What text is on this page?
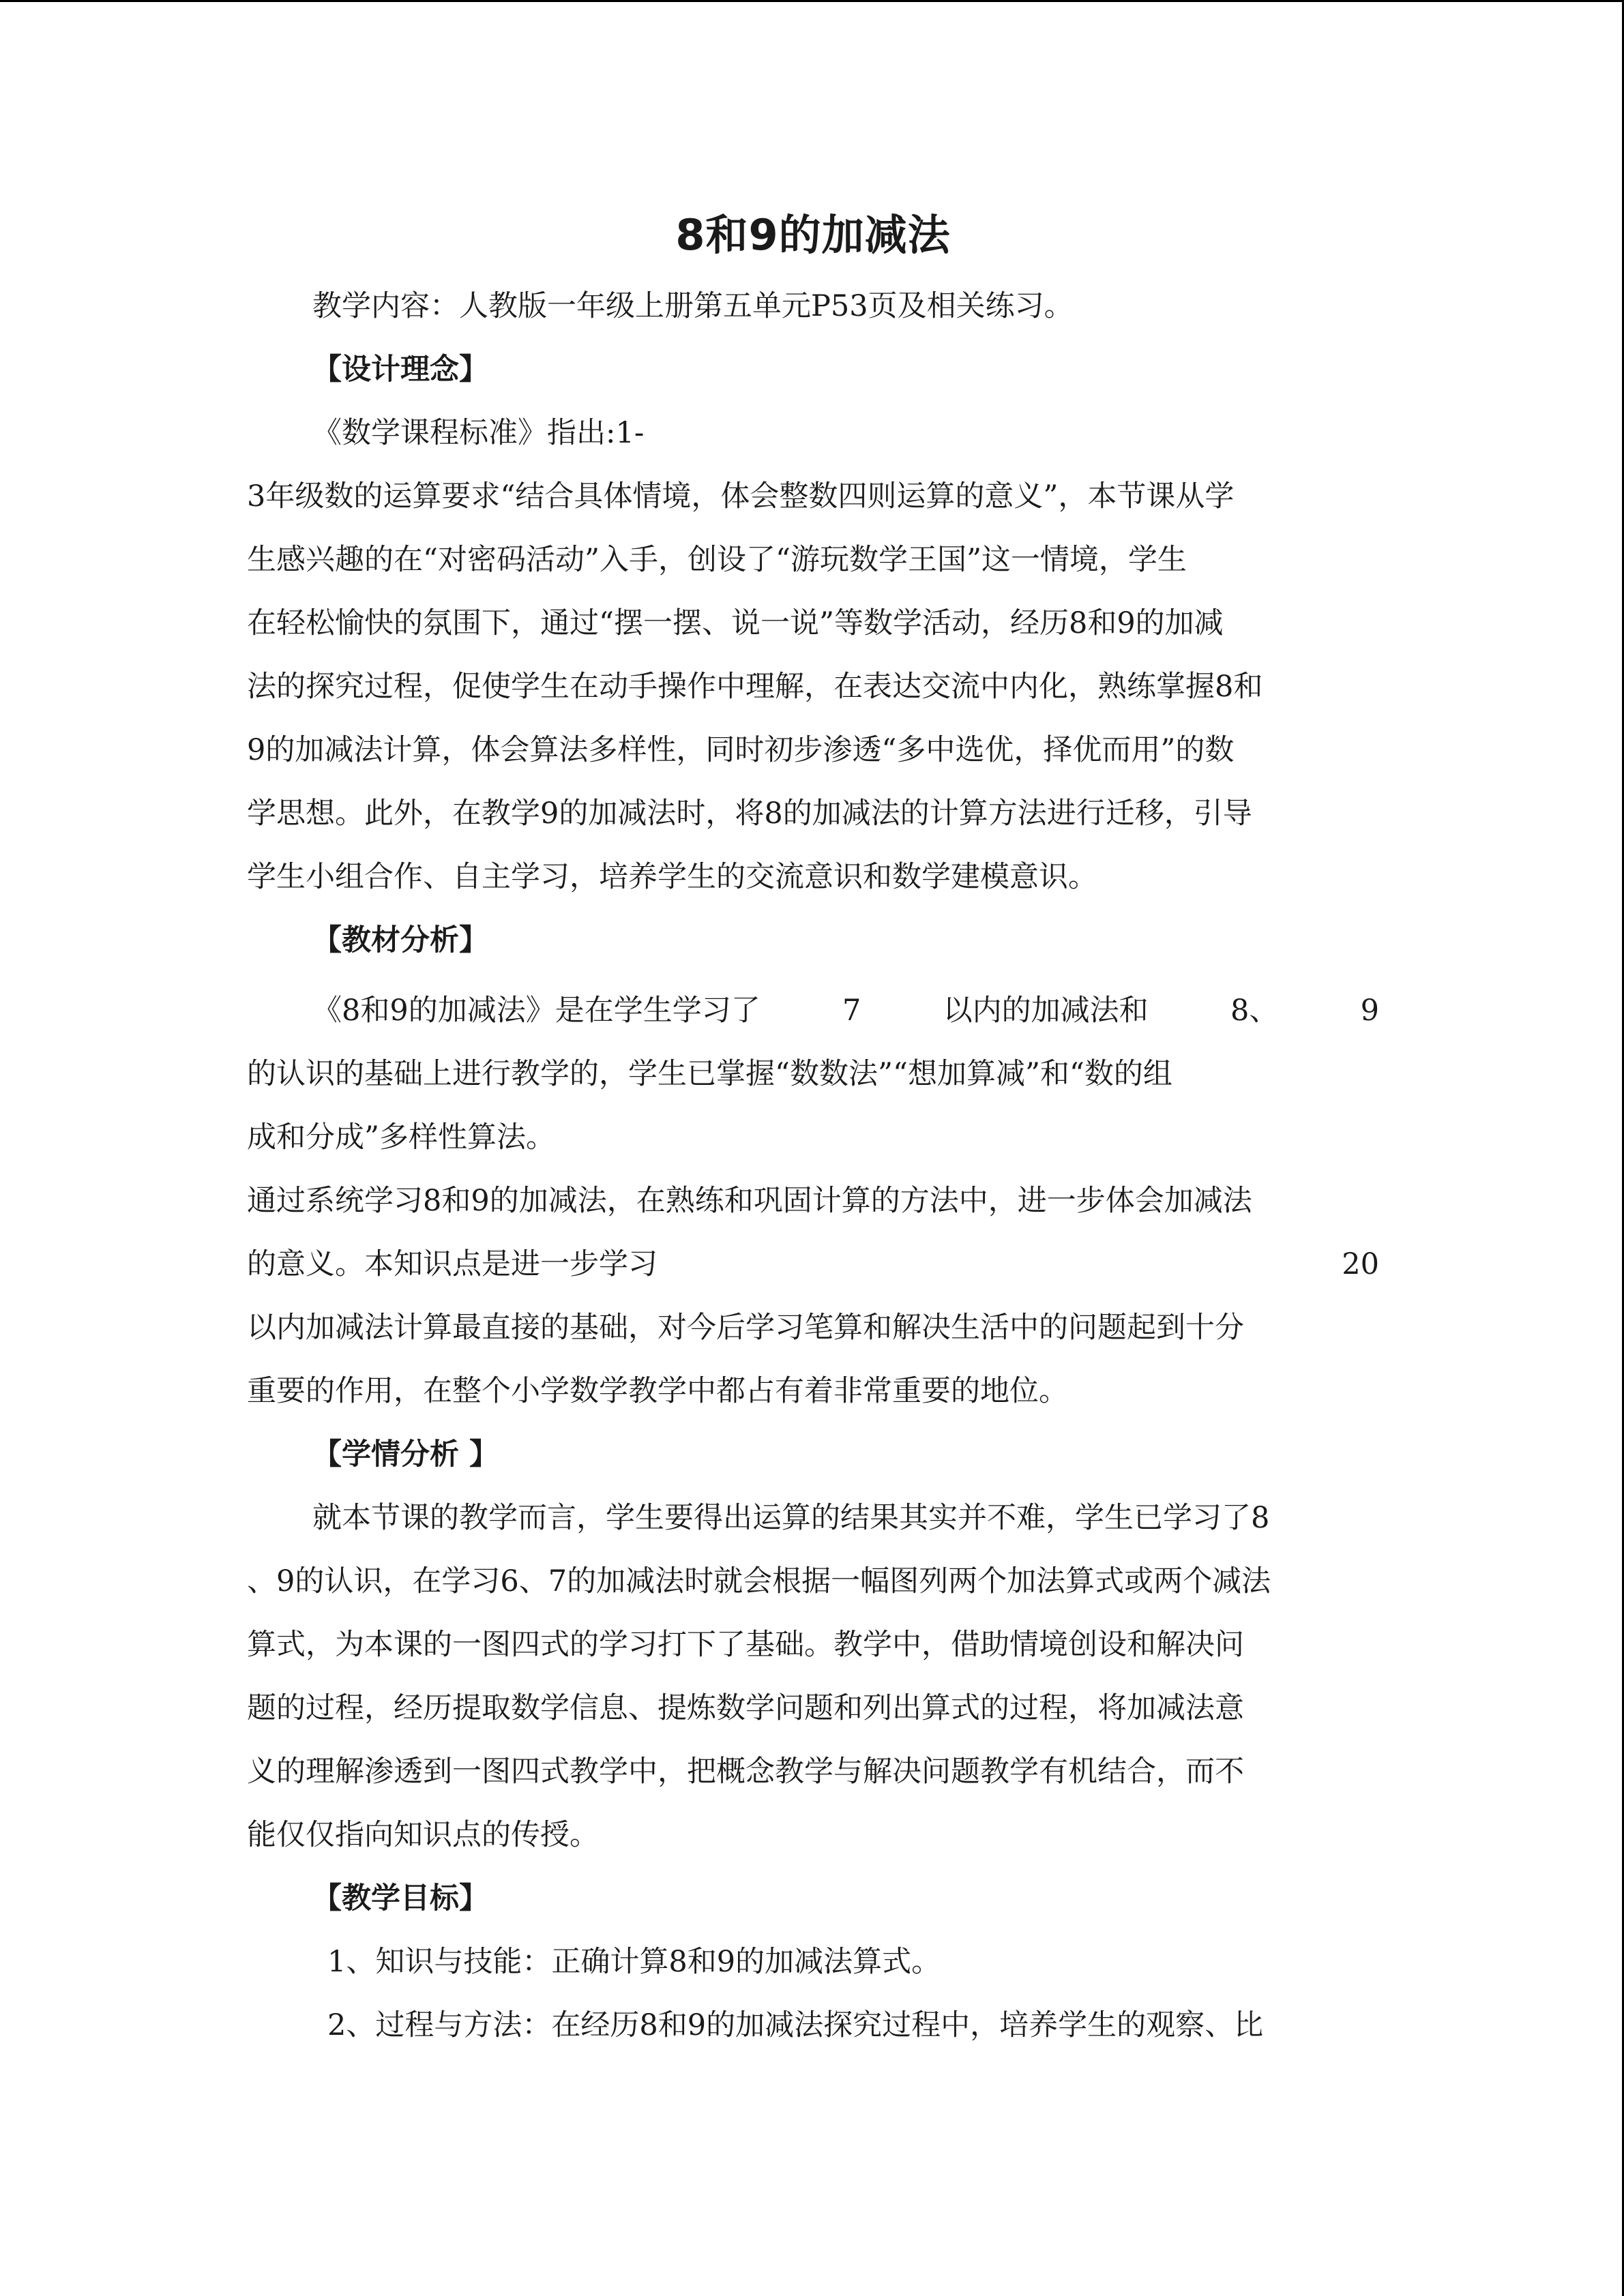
8和9的加减法

教学内容：人教版一年级上册第五单元P53页及相关练习。

【设计理念】

《数学课程标准》指出:1-

3年级数的运算要求“结合具体情境，体会整数四则运算的意义”，本节课从学

生感兴趣的在“对密码活动”入手，创设了“游玩数学王国”这一情境，学生

在轻松愉快的氛围下，通过“摆一摆、说一说”等数学活动，经历8和9的加减

法的探究过程，促使学生在动手操作中理解，在表达交流中内化，熟练掌握8和

9的加减法计算，体会算法多样性，同时初步渗透“多中选优，择优而用”的数

学思想。此外，在教学9的加减法时，将8的加减法的计算方法进行迁移，引导

学生小组合作、自主学习，培养学生的交流意识和数学建模意识。

【教材分析】

《8和9的加减法》是在学生学习了	7	以内的加减法和	8、	9

的认识的基础上进行教学的，学生已掌握“数数法”“想加算减”和“数的组

成和分成”多样性算法。

通过系统学习8和9的加减法，在熟练和巩固计算的方法中，进一步体会加减法

的意义。本知识点是进一步学习	20

以内加减法计算最直接的基础，对今后学习笔算和解决生活中的问题起到十分

重要的作用，在整个小学数学教学中都占有着非常重要的地位。

【学情分析 】

就本节课的教学而言，学生要得出运算的结果其实并不难，学生已学习了8

、9的认识，在学习6、7的加减法时就会根据一幅图列两个加法算式或两个减法

算式，为本课的一图四式的学习打下了基础。教学中，借助情境创设和解决问

题的过程，经历提取数学信息、提炼数学问题和列出算式的过程，将加减法意

义的理解渗透到一图四式教学中，把概念教学与解决问题教学有机结合，而不

能仅仅指向知识点的传授。

【教学目标】

1、知识与技能：正确计算8和9的加减法算式。

2、过程与方法：在经历8和9的加减法探究过程中，培养学生的观察、比
